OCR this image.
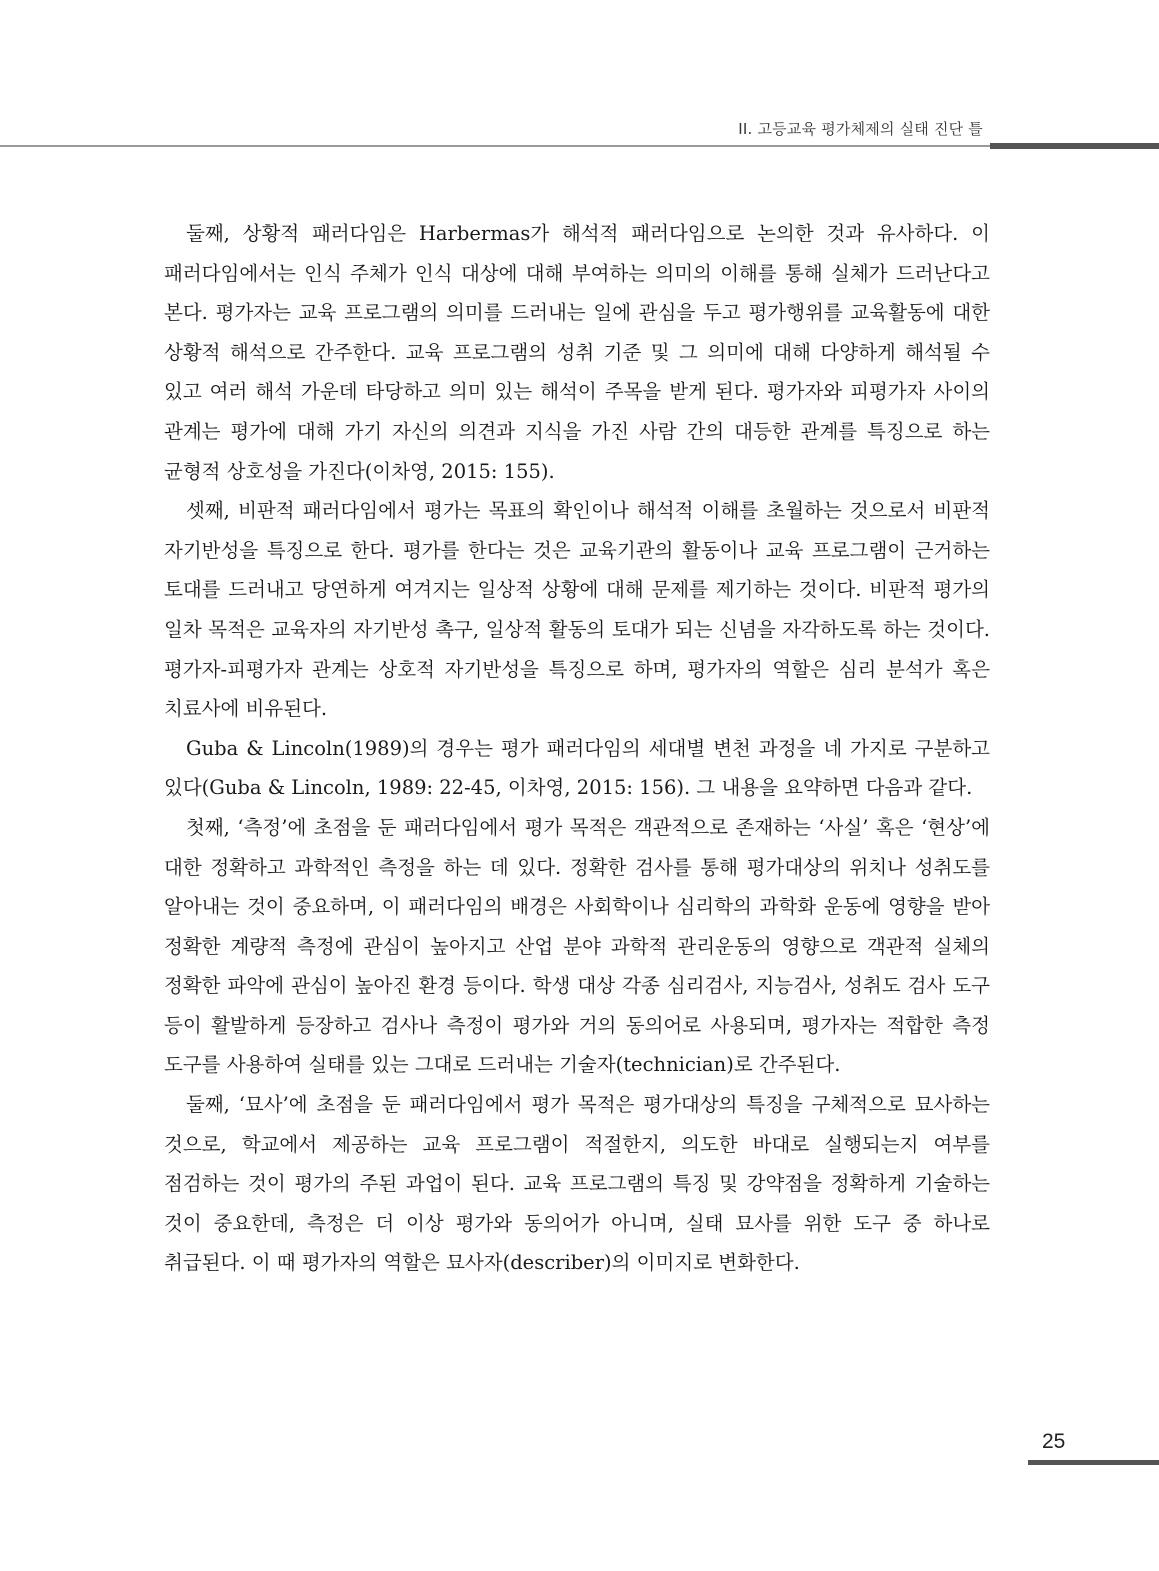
II. 고등교육 평가체제의 실태 진단 틀

둘째, 상황적 패러다임은 Harbermas가 해석적 패러다임으로 논의한 것과 유사하다. 이 패러다임에서는 인식 주체가 인식 대상에 대해 부여하는 의미의 이해를 통해 실체가 드러난다고 본다. 평가자는 교육 프로그램의 의미를 드러내는 일에 관심을 두고 평가행위를 교육활동에 대한 상황적 해석으로 간주한다. 교육 프로그램의 성취 기준 및 그 의미에 대해 다양하게 해석될 수 있고 여러 해석 가운데 타당하고 의미 있는 해석이 주목을 받게 된다. 평가자와 피평가자 사이의 관계는 평가에 대해 가기 자신의 의견과 지식을 가진 사람 간의 대등한 관계를 특징으로 하는 균형적 상호성을 가진다(이차영, 2015: 155).

셋째, 비판적 패러다임에서 평가는 목표의 확인이나 해석적 이해를 초월하는 것으로서 비판적 자기반성을 특징으로 한다. 평가를 한다는 것은 교육기관의 활동이나 교육 프로그램이 근거하는 토대를 드러내고 당연하게 여겨지는 일상적 상황에 대해 문제를 제기하는 것이다. 비판적 평가의 일차 목적은 교육자의 자기반성 촉구, 일상적 활동의 토대가 되는 신념을 자각하도록 하는 것이다. 평가자-피평가자 관계는 상호적 자기반성을 특징으로 하며, 평가자의 역할은 심리 분석가 혹은 치료사에 비유된다.

Guba & Lincoln(1989)의 경우는 평가 패러다임의 세대별 변천 과정을 네 가지로 구분하고 있다(Guba & Lincoln, 1989: 22-45, 이차영, 2015: 156). 그 내용을 요약하면 다음과 같다.

첫째, ‘측정’에 초점을 둔 패러다임에서 평가 목적은 객관적으로 존재하는 ‘사실’ 혹은 ‘현상’에 대한 정확하고 과학적인 측정을 하는 데 있다. 정확한 검사를 통해 평가대상의 위치나 성취도를 알아내는 것이 중요하며, 이 패러다임의 배경은 사회학이나 심리학의 과학화 운동에 영향을 받아 정확한 계량적 측정에 관심이 높아지고 산업 분야 과학적 관리운동의 영향으로 객관적 실체의 정확한 파악에 관심이 높아진 환경 등이다. 학생 대상 각종 심리검사, 지능검사, 성취도 검사 도구 등이 활발하게 등장하고 검사나 측정이 평가와 거의 동의어로 사용되며, 평가자는 적합한 측정 도구를 사용하여 실태를 있는 그대로 드러내는 기술자(technician)로 간주된다.

둘째, ‘묘사’에 초점을 둔 패러다임에서 평가 목적은 평가대상의 특징을 구체적으로 묘사하는 것으로, 학교에서 제공하는 교육 프로그램이 적절한지, 의도한 바대로 실행되는지 여부를 점검하는 것이 평가의 주된 과업이 된다. 교육 프로그램의 특징 및 강약점을 정확하게 기술하는 것이 중요한데, 측정은 더 이상 평가와 동의어가 아니며, 실태 묘사를 위한 도구 중 하나로 취급된다. 이 때 평가자의 역할은 묘사자(describer)의 이미지로 변화한다.

25
